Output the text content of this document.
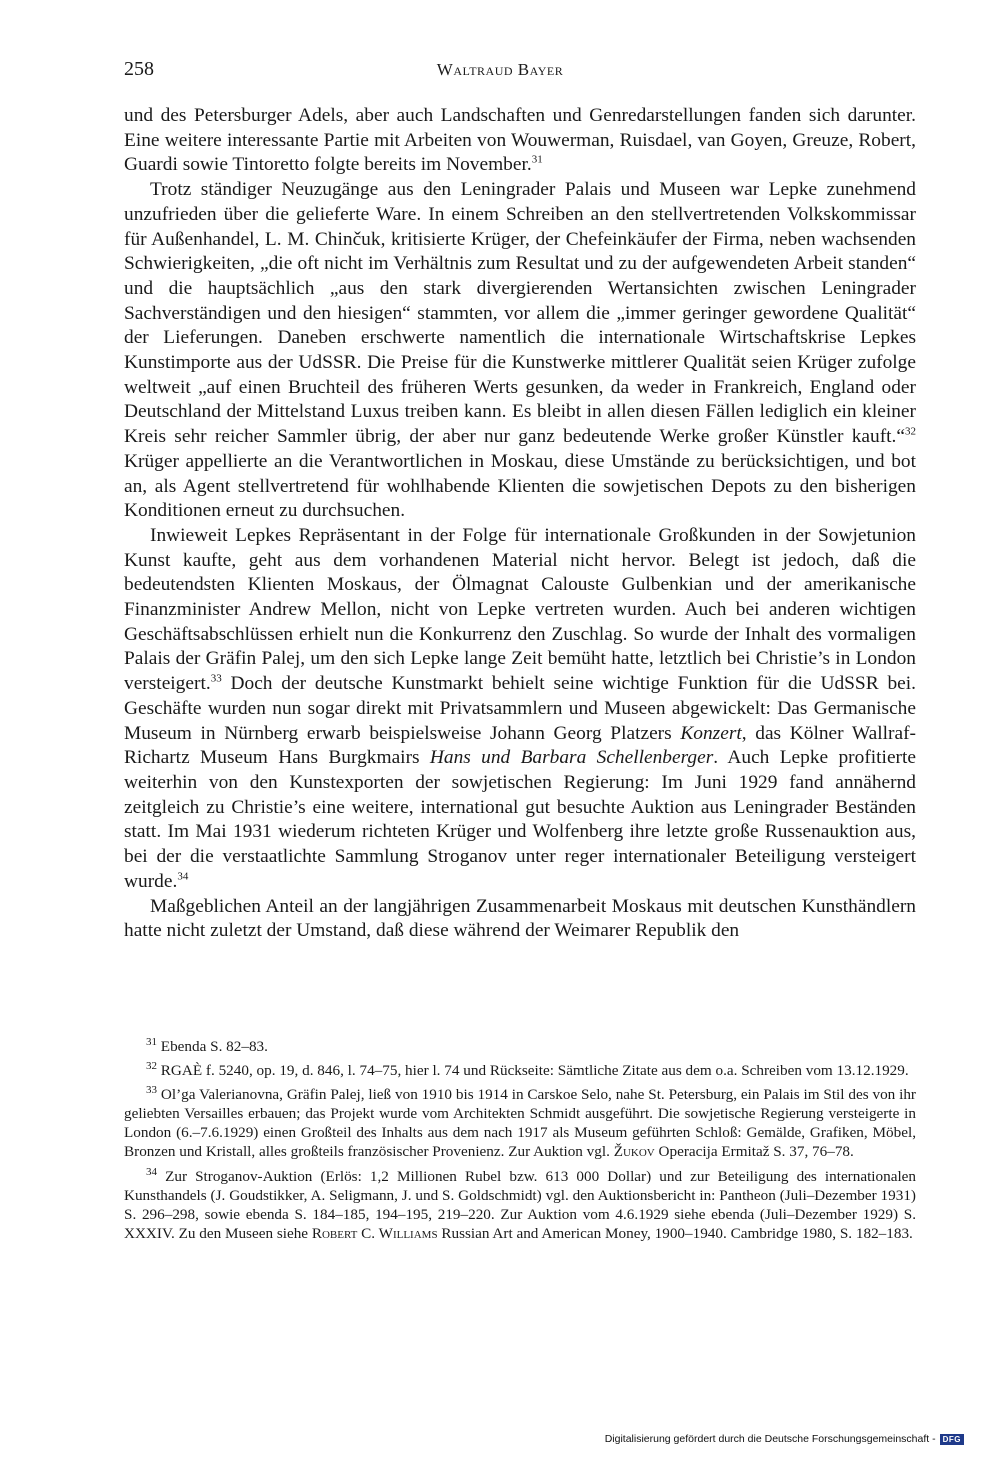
258	Waltraud Bayer

und des Petersburger Adels, aber auch Landschaften und Genredarstellungen fanden sich darunter. Eine weitere interessante Partie mit Arbeiten von Wouwerman, Ruisdael, van Goyen, Greuze, Robert, Guardi sowie Tintoretto folgte bereits im November.$^{31}$

Trotz ständiger Neuzugänge aus den Leningrader Palais und Museen war Lepke zunehmend unzufrieden über die gelieferte Ware. In einem Schreiben an den stellvertretenden Volkskommissar für Außenhandel, L. M. Chinčuk, kritisierte Krüger, der Chefeinkäufer der Firma, neben wachsenden Schwierigkeiten, „die oft nicht im Verhältnis zum Resultat und zu der aufgewendeten Arbeit standen“ und die hauptsächlich „aus den stark divergierenden Wertansichten zwischen Leningrader Sachverständigen und den hiesigen“ stammten, vor allem die „immer geringer gewordene Qualität“ der Lieferungen. Daneben erschwerte namentlich die internationale Wirtschaftskrise Lepkes Kunstimporte aus der UdSSR. Die Preise für die Kunstwerke mittlerer Qualität seien Krüger zufolge weltweit „auf einen Bruchteil des früheren Werts gesunken, da weder in Frankreich, England oder Deutschland der Mittelstand Luxus treiben kann. Es bleibt in allen diesen Fällen lediglich ein kleiner Kreis sehr reicher Sammler übrig, der aber nur ganz bedeutende Werke großer Künstler kauft.“$^{32}$ Krüger appellierte an die Verantwortlichen in Moskau, diese Umstände zu berücksichtigen, und bot an, als Agent stellvertretend für wohlhabende Klienten die sowjetischen Depots zu den bisherigen Konditionen erneut zu durchsuchen.

Inwieweit Lepkes Repräsentant in der Folge für internationale Großkunden in der Sowjetunion Kunst kaufte, geht aus dem vorhandenen Material nicht hervor. Belegt ist jedoch, daß die bedeutendsten Klienten Moskaus, der Ölmagnat Calouste Gulbenkian und der amerikanische Finanzminister Andrew Mellon, nicht von Lepke vertreten wurden. Auch bei anderen wichtigen Geschäftsabschlüssen erhielt nun die Konkurrenz den Zuschlag. So wurde der Inhalt des vormaligen Palais der Gräfin Palej, um den sich Lepke lange Zeit bemüht hatte, letztlich bei Christie’s in London versteigert.$^{33}$ Doch der deutsche Kunstmarkt behielt seine wichtige Funktion für die UdSSR bei. Geschäfte wurden nun sogar direkt mit Privatsammlern und Museen abgewickelt: Das Germanische Museum in Nürnberg erwarb beispielsweise Johann Georg Platzers Konzert, das Kölner Wallraf-Richartz Museum Hans Burgkmairs Hans und Barbara Schellenberger. Auch Lepke profitierte weiterhin von den Kunstexporten der sowjetischen Regierung: Im Juni 1929 fand annähernd zeitgleich zu Christie’s eine weitere, international gut besuchte Auktion aus Leningrader Beständen statt. Im Mai 1931 wiederum richteten Krüger und Wolfenberg ihre letzte große Russenauktion aus, bei der die verstaatlichte Sammlung Stroganov unter reger internationaler Beteiligung versteigert wurde.$^{34}$

Maßgeblichen Anteil an der langjährigen Zusammenarbeit Moskaus mit deutschen Kunsthändlern hatte nicht zuletzt der Umstand, daß diese während der Weimarer Republik den

$^{31}$ Ebenda S. 82–83.

$^{32}$ RGAÈ f. 5240, op. 19, d. 846, l. 74–75, hier l. 74 und Rückseite: Sämtliche Zitate aus dem o.a. Schreiben vom 13.12.1929.

$^{33}$ Ol’ga Valerianovna, Gräfin Palej, ließ von 1910 bis 1914 in Carskoe Selo, nahe St. Petersburg, ein Palais im Stil des von ihr geliebten Versailles erbauen; das Projekt wurde vom Architekten Schmidt ausgeführt. Die sowjetische Regierung versteigerte in London (6.–7.6.1929) einen Großteil des Inhalts aus dem nach 1917 als Museum geführten Schloß: Gemälde, Grafiken, Möbel, Bronzen und Kristall, alles großteils französischer Provenienz. Zur Auktion vgl. Žukov Operacija Ermitaž S. 37, 76–78.

$^{34}$ Zur Stroganov-Auktion (Erlös: 1,2 Millionen Rubel bzw. 613 000 Dollar) und zur Beteiligung des internationalen Kunsthandels (J. Goudstikker, A. Seligmann, J. und S. Goldschmidt) vgl. den Auktionsbericht in: Pantheon (Juli–Dezember 1931) S. 296–298, sowie ebenda S. 184–185, 194–195, 219–220. Zur Auktion vom 4.6.1929 siehe ebenda (Juli–Dezember 1929) S. XXXIV. Zu den Museen siehe Robert C. Williams Russian Art and American Money, 1900–1940. Cambridge 1980, S. 182–183.

Digitalisierung gefördert durch die Deutsche Forschungsgemeinschaft - DFG
